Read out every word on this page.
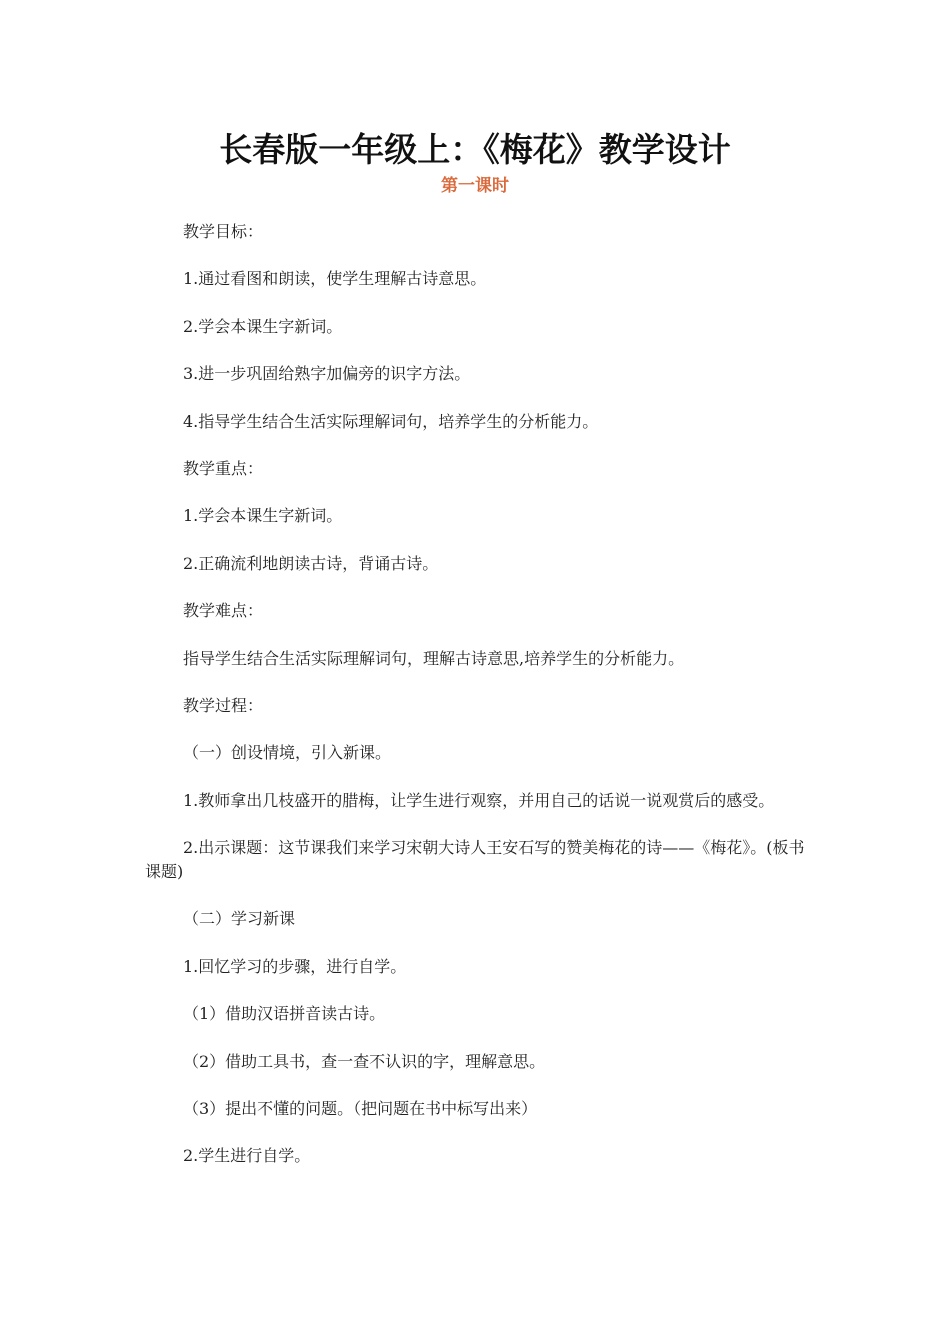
长春版一年级上：《梅花》教学设计
第一课时

教学目标：

1.通过看图和朗读，使学生理解古诗意思。

2.学会本课生字新词。

3.进一步巩固给熟字加偏旁的识字方法。

4.指导学生结合生活实际理解词句，培养学生的分析能力。

教学重点：

1.学会本课生字新词。

2.正确流利地朗读古诗，背诵古诗。

教学难点：

指导学生结合生活实际理解词句，理解古诗意思,培养学生的分析能力。

教学过程：

（一）创设情境，引入新课。

1.教师拿出几枝盛开的腊梅，让学生进行观察，并用自己的话说一说观赏后的感受。

2.出示课题：这节课我们来学习宋朝大诗人王安石写的赞美梅花的诗——《梅花》。(板书课题)

（二）学习新课

1.回忆学习的步骤，进行自学。

（1）借助汉语拼音读古诗。

（2）借助工具书，查一查不认识的字，理解意思。

（3）提出不懂的问题。（把问题在书中标写出来）

2.学生进行自学。
